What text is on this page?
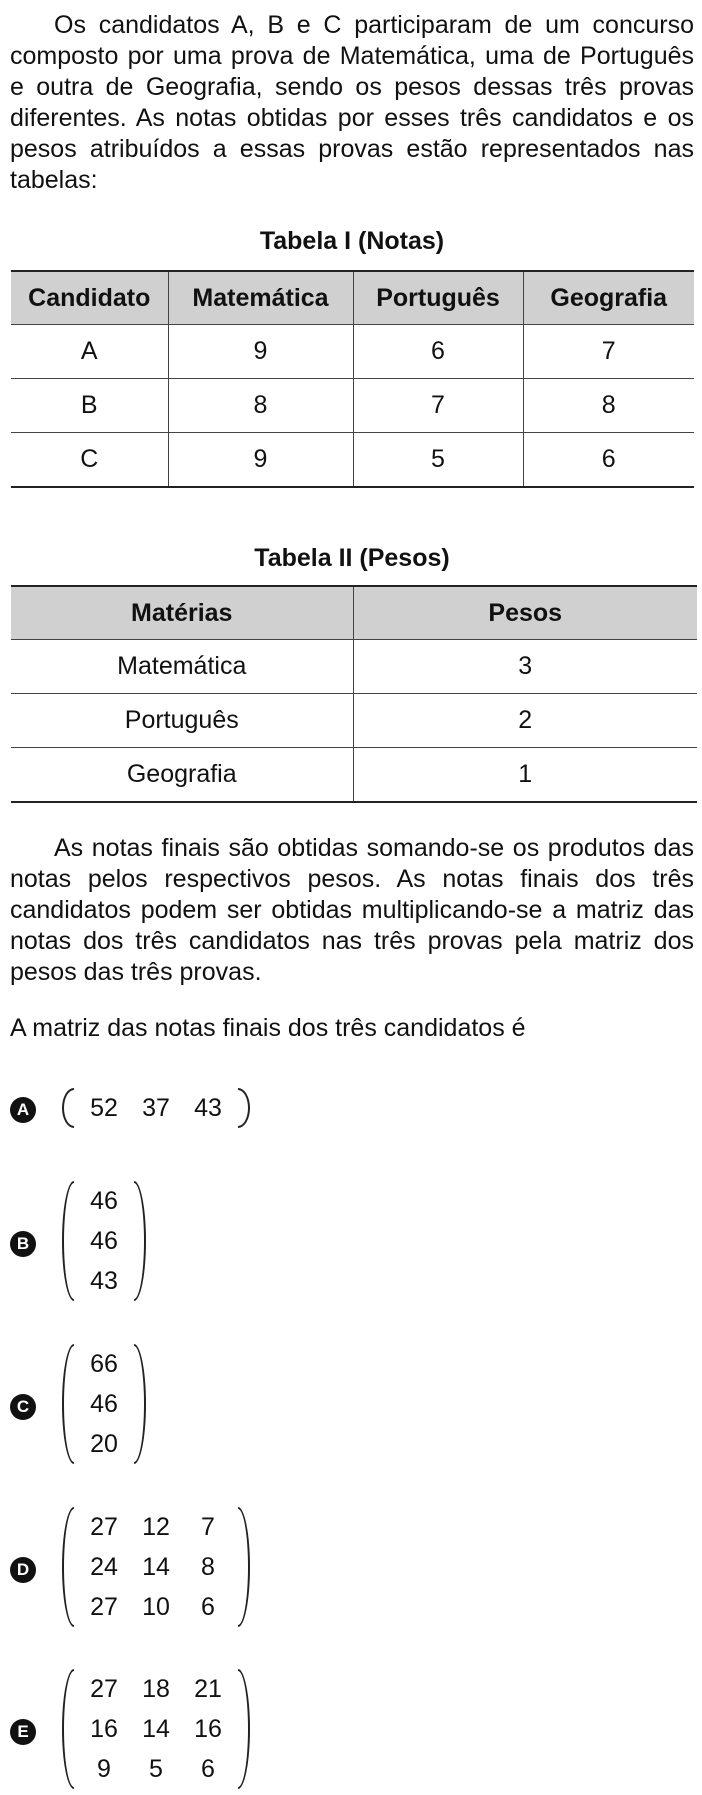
Os candidatos A, B e C participaram de um concurso composto por uma prova de Matemática, uma de Português e outra de Geografia, sendo os pesos dessas três provas diferentes. As notas obtidas por esses três candidatos e os pesos atribuídos a essas provas estão representados nas tabelas:

Tabela I (Notas)

Candidato	Matemática	Português	Geografia
A	9	6	7
B	8	7	8
C	9	5	6

Tabela II (Pesos)

Matérias	Pesos
Matemática	3
Português	2
Geografia	1

As notas finais são obtidas somando-se os produtos das notas pelos respectivos pesos. As notas finais dos três candidatos podem ser obtidas multiplicando-se a matriz das notas dos três candidatos nas três provas pela matriz dos pesos das três provas.

A matriz das notas finais dos três candidatos é

A	52 37 43
B
46
46
43
C
66
46
20
D
27 12	7
24 14	8
27 10	6
E
27 18 21
16 14 16
9	5	6
